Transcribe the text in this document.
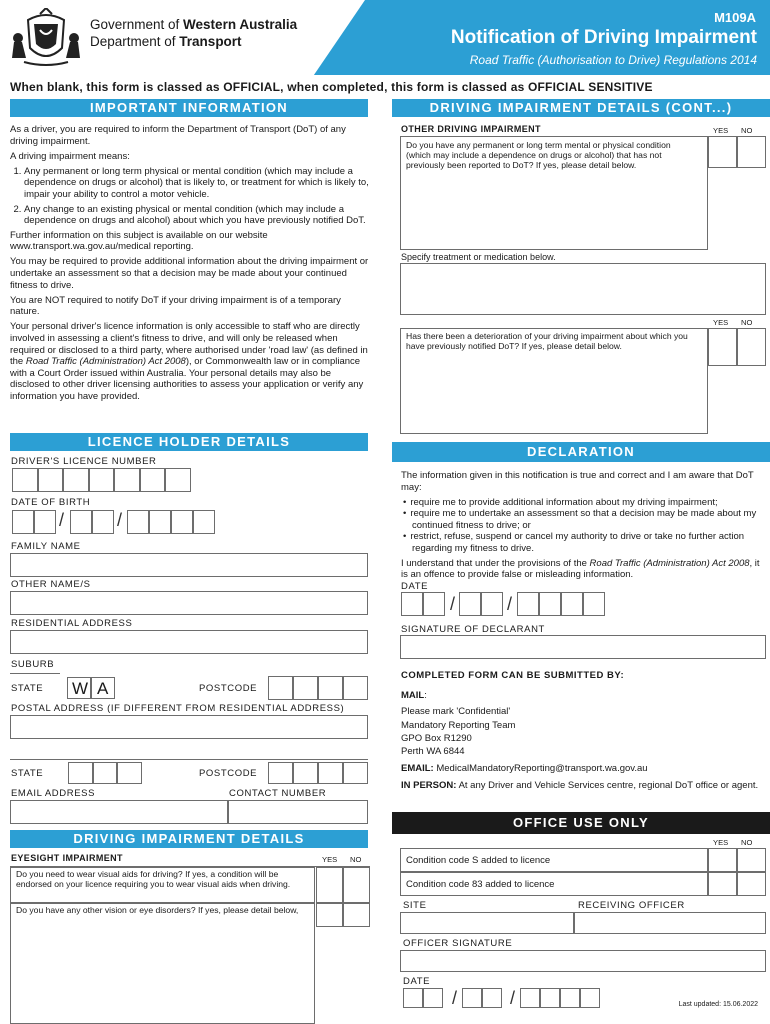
Government of Western Australia
Department of Transport
M109A
Notification of Driving Impairment
Road Traffic (Authorisation to Drive) Regulations 2014
When blank, this form is classed as OFFICIAL, when completed, this form is classed as OFFICIAL SENSITIVE
IMPORTANT INFORMATION

As a driver, you are required to inform the Department of Transport (DoT) of any driving impairment.

A driving impairment means:

1. Any permanent or long term physical or mental condition (which may include a dependence on drugs or alcohol) that is likely to, or treatment for which is likely to, impair your ability to control a motor vehicle.
2. Any change to an existing physical or mental condition (which may include a dependence on drugs and alcohol) about which you have previously notified DoT.

Further information on this subject is available on our website www.transport.wa.gov.au/medical reporting.

You may be required to provide additional information about the driving impairment or undertake an assessment so that a decision may be made about your continued fitness to drive.

You are NOT required to notify DoT if your driving impairment is of a temporary nature.

Your personal driver's licence information is only accessible to staff who are directly involved in assessing a client's fitness to drive, and will only be released when required or disclosed to a third party, where authorised under 'road law' (as defined in the Road Traffic (Administration) Act 2008), or Commonwealth law or in compliance with a Court Order issued within Australia. Your personal details may also be disclosed to other driver licensing authorities to assess your application or verify any information you have provided.

LICENCE HOLDER DETAILS
DRIVER'S LICENCE NUMBER
DATE OF BIRTH
/	/
FAMILY NAME
OTHER NAME/S
RESIDENTIAL ADDRESS
SUBURB
STATE W A	POSTCODE
POSTAL ADDRESS (IF DIFFERENT FROM RESIDENTIAL ADDRESS)
STATE	POSTCODE
EMAIL ADDRESS	CONTACT NUMBER
DRIVING IMPAIRMENT DETAILS
EYESIGHT IMPAIRMENT	YES NO
Do you need to wear visual aids for driving? If yes, a condition will be endorsed on your licence requiring you to wear visual aids when driving.
Do you have any other vision or eye disorders? If yes, please detail below,
DRIVING IMPAIRMENT DETAILS (CONT...)
OTHER DRIVING IMPAIRMENT	YES NO
Do you have any permanent or long term mental or physical condition (which may include a dependence on drugs or alcohol) that has not previously been reported to DoT? If yes, please detail below.
Specify treatment or medication below.
YES NO
Has there been a deterioration of your driving impairment about which you have previously notified DoT? If yes, please detail below.
DECLARATION

The information given in this notification is true and correct and I am aware that DoT may:

• require me to provide additional information about my driving impairment;
• require me to undertake an assessment so that a decision may be made about my continued fitness to drive; or
• restrict, refuse, suspend or cancel my authority to drive or take no further action regarding my fitness to drive.

I understand that under the provisions of the Road Traffic (Administration) Act 2008, it is an offence to provide false or misleading information.

DATE
/	/
SIGNATURE OF DECLARANT
COMPLETED FORM CAN BE SUBMITTED BY:
MAIL:
Please mark 'Confidential'
Mandatory Reporting Team
GPO Box R1290
Perth WA 6844
EMAIL: MedicalMandatoryReporting@transport.wa.gov.au
IN PERSON: At any Driver and Vehicle Services centre, regional DoT office or agent.
OFFICE USE ONLY
YES NO
Condition code S added to licence
Condition code 83 added to licence
SITE	RECEIVING OFFICER
OFFICER SIGNATURE
DATE
/	/	Last updated: 15.06.2022
